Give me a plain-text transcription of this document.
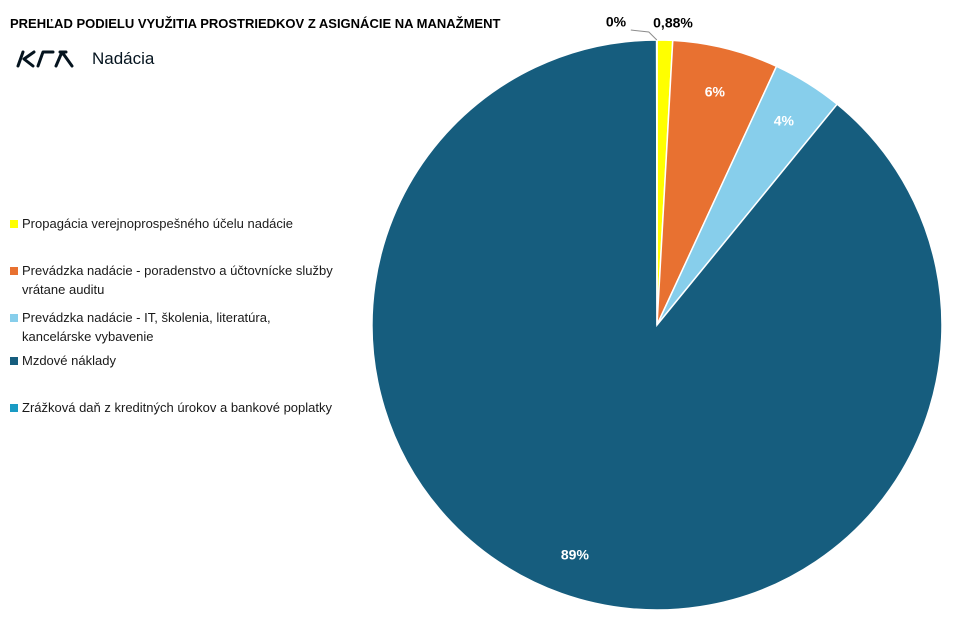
PREHĽAD PODIELU VYUŽITIA PROSTRIEDKOV Z ASIGNÁCIE NA MANAŽMENT
Nadácia
Propagácia verejnoprospešného účelu nadácie
Prevádzka nadácie - poradenstvo a účtovnícke služby vrátane auditu
Prevádzka nadácie - IT, školenia, literatúra, kancelárske vybavenie
Mzdové náklady
Zrážková daň z kreditných úrokov a bankové poplatky
0,88%
6%
4%
89%
0%
